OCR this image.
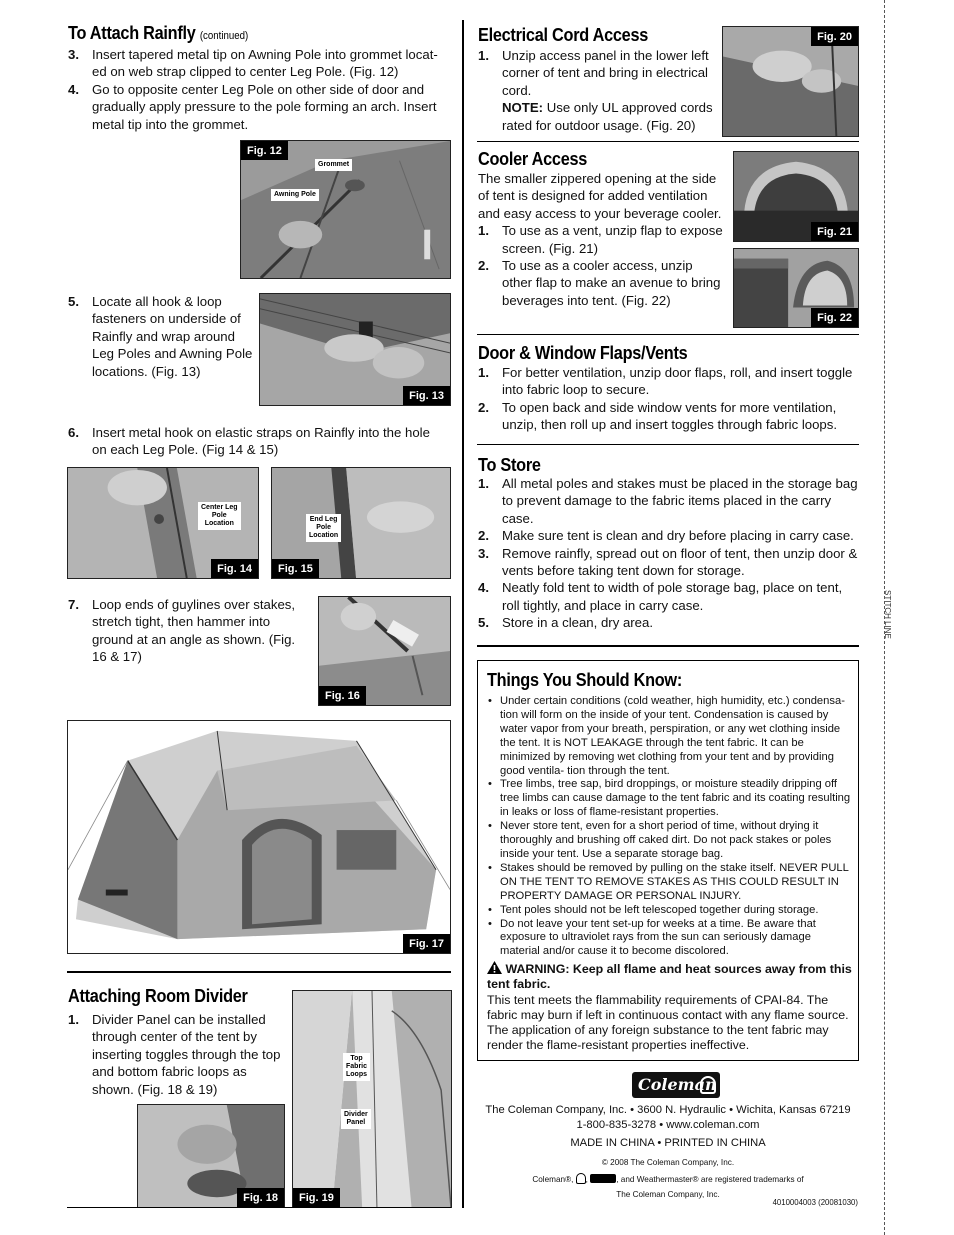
To Attach Rainfly (continued)
3. Insert tapered metal tip on Awning Pole into grommet locat- ed on web strap clipped to center Leg Pole. (Fig. 12)
4. Go to opposite center Leg Pole on other side of door and gradually apply pressure to the pole forming an arch. Insert metal tip into the grommet.
Fig. 12
Grommet
Awning Pole
5. Locate all hook & loop fasteners on underside of Rainfly and wrap around Leg Poles and Awning Pole locations. (Fig. 13)
Fig. 13
6. Insert metal hook on elastic straps on Rainfly into the hole on each Leg Pole. (Fig 14 & 15)
Center Leg
Pole
Location
Fig. 14
End Leg
Pole
Location
Fig. 15
7. Loop ends of guylines over stakes, stretch tight, then hammer into ground at an angle as shown. (Fig. 16 & 17)
Fig. 16
Fig. 17
Attaching Room Divider
1. Divider Panel can be installed through center of the tent by inserting toggles through the top and bottom fabric loops as shown. (Fig. 18 & 19)
Fig. 18
Top
Fabric
Loops
Divider
Panel
Fig. 19
Electrical Cord Access
1. Unzip access panel in the lower left corner of tent and bring in electrical cord.
NOTE: Use only UL approved cords rated for outdoor usage. (Fig. 20)
Fig. 20
Cooler Access
The smaller zippered opening at the side of tent is designed for added ventilation and easy access to your beverage cooler.
1. To use as a vent, unzip flap to expose screen. (Fig. 21)
2. To use as a cooler access, unzip other flap to make an avenue to bring beverages into tent. (Fig. 22)
Fig. 21
Fig. 22
Door & Window Flaps/Vents
1. For better ventilation, unzip door flaps, roll, and insert toggle into fabric loop to secure.
2. To open back and side window vents for more ventilation, unzip, then roll up and insert toggles through fabric loops.
To Store
1. All metal poles and stakes must be placed in the storage bag to prevent damage to the fabric items placed in the carry case.
2. Make sure tent is clean and dry before placing in carry case.
3. Remove rainfly, spread out on floor of tent, then unzip door & vents before taking tent down for storage.
4. Neatly fold tent to width of pole storage bag, place on tent, roll tightly, and place in carry case.
5. Store in a clean, dry area.
Things You Should Know:
• Under certain conditions (cold weather, high humidity, etc.) condensa- tion will form on the inside of your tent. Condensation is caused by water vapor from your breath, perspiration, or any wet clothing inside the tent. It is NOT LEAKAGE through the tent fabric. It can be minimized by removing wet clothing from your tent and by providing good ventila- tion through the tent.
• Tree limbs, tree sap, bird droppings, or moisture steadily dripping off tree limbs can cause damage to the tent fabric and its coating resulting in leaks or loss of flame-resistant properties.
• Never store tent, even for a short period of time, without drying it thoroughly and brushing off caked dirt. Do not pack stakes or poles inside your tent. Use a separate storage bag.
• Stakes should be removed by pulling on the stake itself. NEVER PULL ON THE TENT TO REMOVE STAKES AS THIS COULD RESULT IN PROPERTY DAMAGE OR PERSONAL INJURY.
• Tent poles should not be left telescoped together during storage.
• Do not leave your tent set-up for weeks at a time. Be aware that exposure to ultraviolet rays from the sun can seriously damage material and/or cause it to become discolored.
WARNING: Keep all flame and heat sources away from this tent fabric.
This tent meets the flammability requirements of CPAI-84. The fabric may burn if left in continuous contact with any flame source. The application of any foreign substance to the tent fabric may render the flame-resistant properties ineffective.
Coleman
The Coleman Company, Inc. • 3600 N. Hydraulic • Wichita, Kansas 67219
1-800-835-3278 • www.coleman.com
MADE IN CHINA • PRINTED IN CHINA
© 2008 The Coleman Company, Inc.
Coleman®, ,	, and Weathermaster® are registered trademarks of
The Coleman Company, Inc.
4010004003 (20081030)
STITCH LINE
